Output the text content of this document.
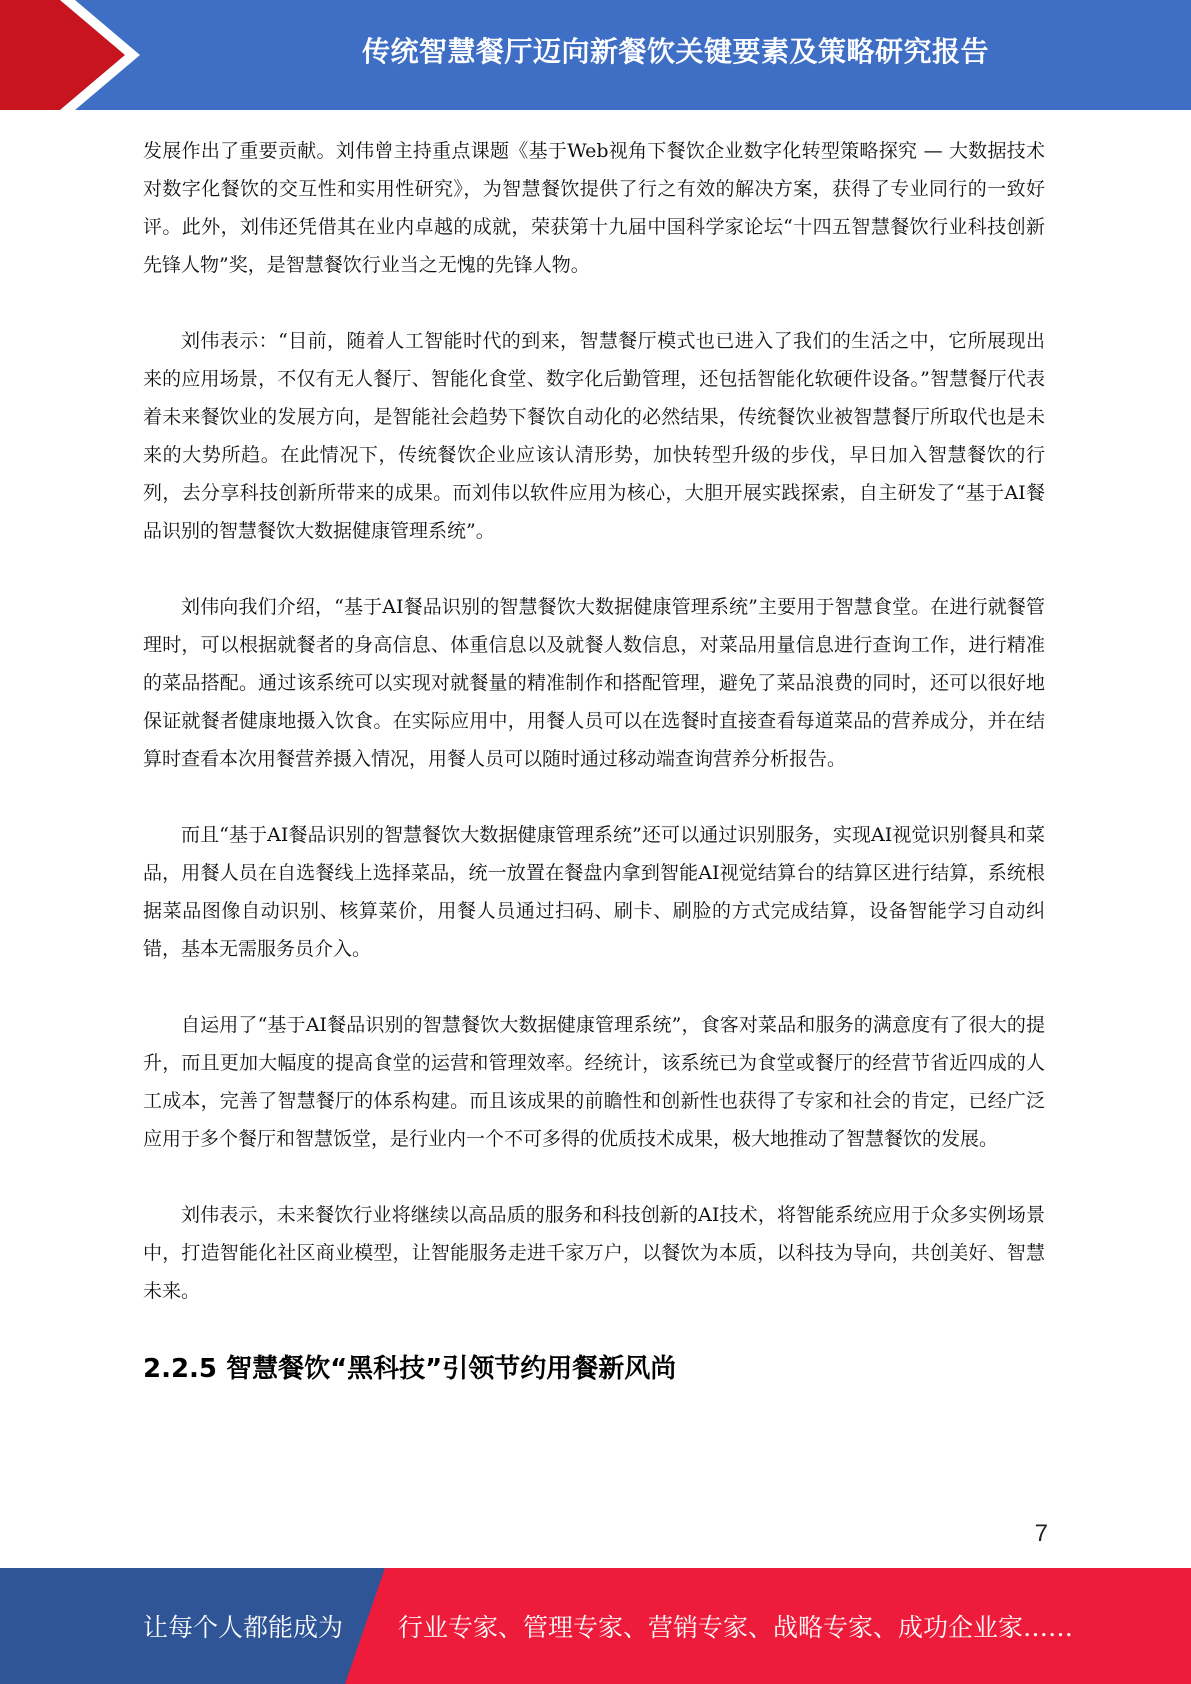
传统智慧餐厅迈向新餐饮关键要素及策略研究报告

发展作出了重要贡献。刘伟曾主持重点课题《基于Web视角下餐饮企业数字化转型策略探究 — 大数据技术对数字化餐饮的交互性和实用性研究》，为智慧餐饮提供了行之有效的解决方案，获得了专业同行的一致好评。此外，刘伟还凭借其在业内卓越的成就，荣获第十九届中国科学家论坛“十四五智慧餐饮行业科技创新先锋人物”奖，是智慧餐饮行业当之无愧的先锋人物。

刘伟表示：“目前，随着人工智能时代的到来，智慧餐厅模式也已进入了我们的生活之中，它所展现出来的应用场景，不仅有无人餐厅、智能化食堂、数字化后勤管理，还包括智能化软硬件设备。”智慧餐厅代表着未来餐饮业的发展方向，是智能社会趋势下餐饮自动化的必然结果，传统餐饮业被智慧餐厅所取代也是未来的大势所趋。在此情况下，传统餐饮企业应该认清形势，加快转型升级的步伐，早日加入智慧餐饮的行列，去分享科技创新所带来的成果。而刘伟以软件应用为核心，大胆开展实践探索，自主研发了“基于AI餐品识别的智慧餐饮大数据健康管理系统”。

刘伟向我们介绍，“基于AI餐品识别的智慧餐饮大数据健康管理系统”主要用于智慧食堂。在进行就餐管理时，可以根据就餐者的身高信息、体重信息以及就餐人数信息，对菜品用量信息进行查询工作，进行精准的菜品搭配。通过该系统可以实现对就餐量的精准制作和搭配管理，避免了菜品浪费的同时，还可以很好地保证就餐者健康地摄入饮食。在实际应用中，用餐人员可以在选餐时直接查看每道菜品的营养成分，并在结算时查看本次用餐营养摄入情况，用餐人员可以随时通过移动端查询营养分析报告。

而且“基于AI餐品识别的智慧餐饮大数据健康管理系统”还可以通过识别服务，实现AI视觉识别餐具和菜品，用餐人员在自选餐线上选择菜品，统一放置在餐盘内拿到智能AI视觉结算台的结算区进行结算，系统根据菜品图像自动识别、核算菜价，用餐人员通过扫码、刷卡、刷脸的方式完成结算，设备智能学习自动纠错，基本无需服务员介入。

自运用了“基于AI餐品识别的智慧餐饮大数据健康管理系统”，食客对菜品和服务的满意度有了很大的提升，而且更加大幅度的提高食堂的运营和管理效率。经统计，该系统已为食堂或餐厅的经营节省近四成的人工成本，完善了智慧餐厅的体系构建。而且该成果的前瞻性和创新性也获得了专家和社会的肯定，已经广泛应用于多个餐厅和智慧饭堂，是行业内一个不可多得的优质技术成果，极大地推动了智慧餐饮的发展。

刘伟表示，未来餐饮行业将继续以高品质的服务和科技创新的AI技术，将智能系统应用于众多实例场景中，打造智能化社区商业模型，让智能服务走进千家万户，以餐饮为本质，以科技为导向，共创美好、智慧未来。

2.2.5 智慧餐饮“黑科技”引领节约用餐新风尚
7
让每个人都能成为 行业专家、管理专家、营销专家、战略专家、成功企业家……
